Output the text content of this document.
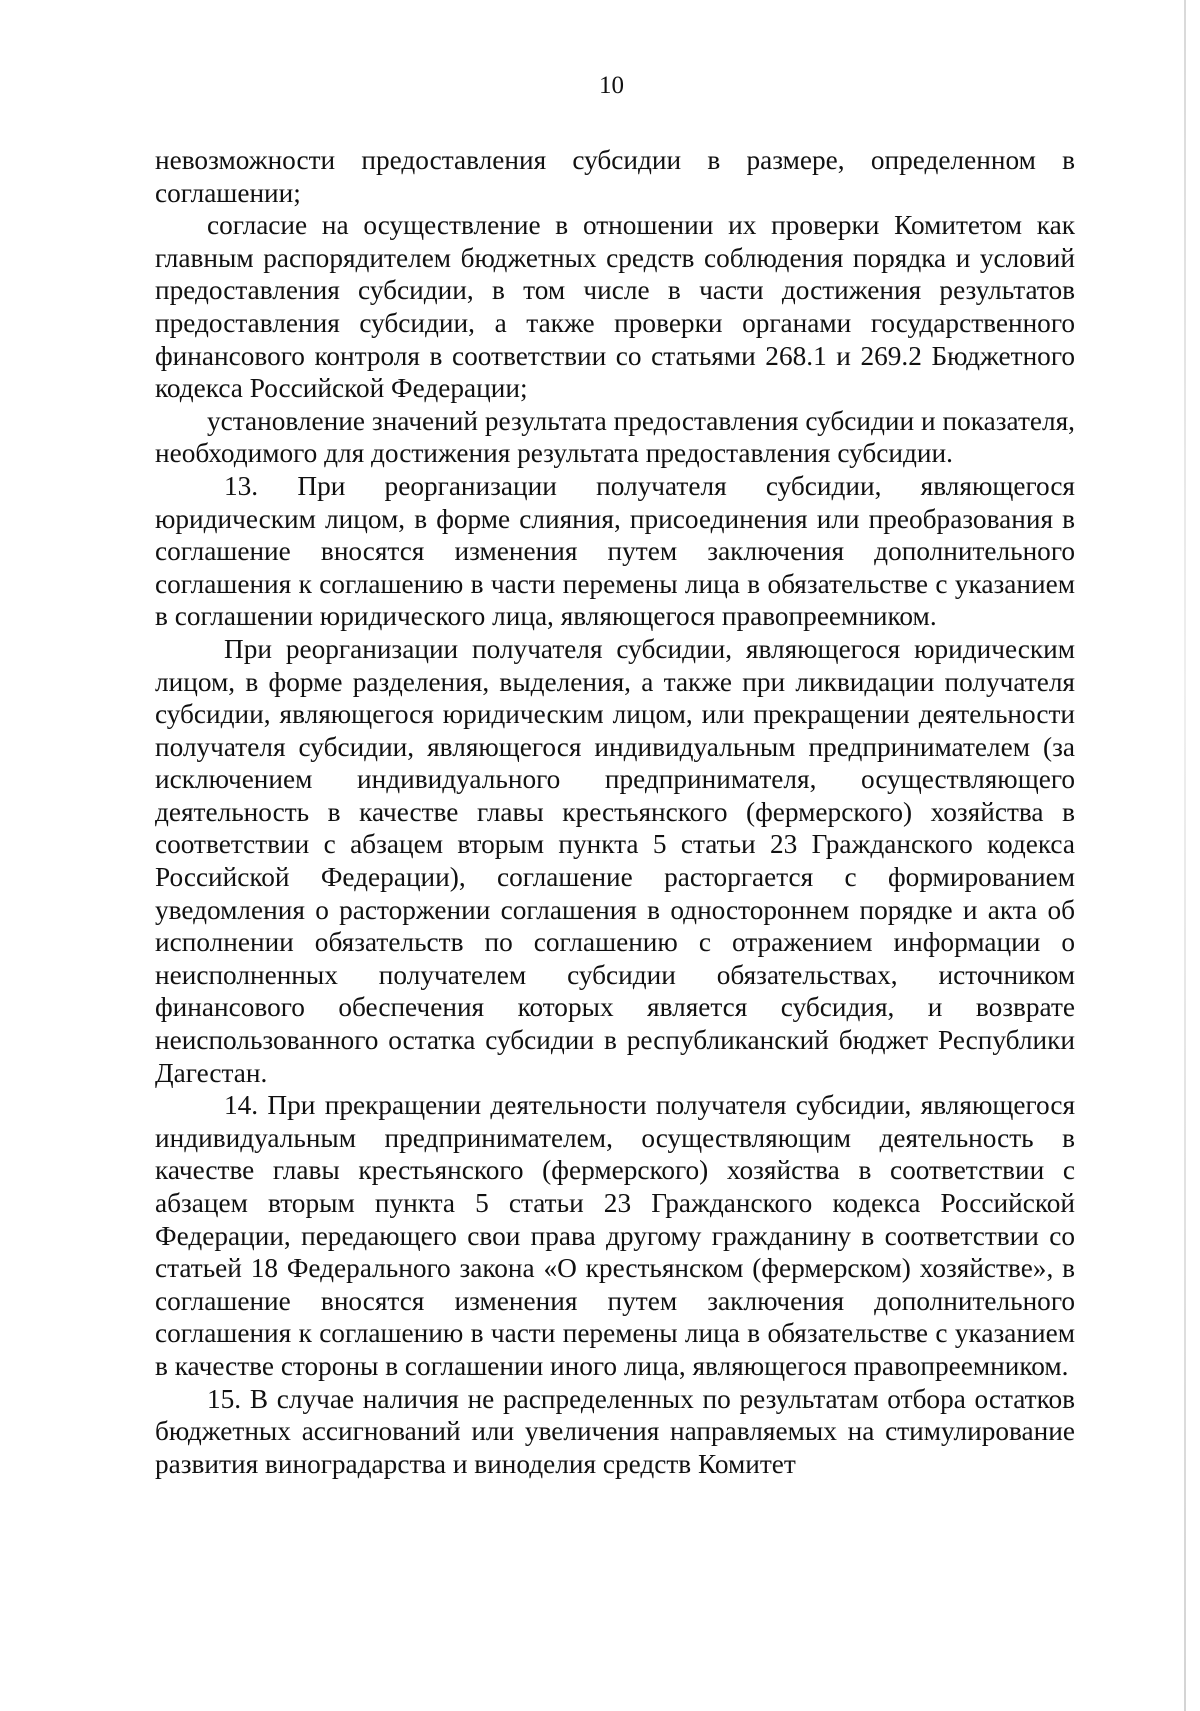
10

невозможности предоставления субсидии в размере, определенном в соглашении;

согласие на осуществление в отношении их проверки Комитетом как главным распорядителем бюджетных средств соблюдения порядка и условий предоставления субсидии, в том числе в части достижения результатов предоставления субсидии, а также проверки органами государственного финансового контроля в соответствии со статьями 268.1 и 269.2 Бюджетного кодекса Российской Федерации;

установление значений результата предоставления субсидии и показателя, необходимого для достижения результата предоставления субсидии.

13. При реорганизации получателя субсидии, являющегося юридическим лицом, в форме слияния, присоединения или преобразования в соглашение вносятся изменения путем заключения дополнительного соглашения к соглашению в части перемены лица в обязательстве с указанием в соглашении юридического лица, являющегося правопреемником.

При реорганизации получателя субсидии, являющегося юридическим лицом, в форме разделения, выделения, а также при ликвидации получателя субсидии, являющегося юридическим лицом, или прекращении деятельности получателя субсидии, являющегося индивидуальным предпринимателем (за исключением индивидуального предпринимателя, осуществляющего деятельность в качестве главы крестьянского (фермерского) хозяйства в соответствии с абзацем вторым пункта 5 статьи 23 Гражданского кодекса Российской Федерации), соглашение расторгается с формированием уведомления о расторжении соглашения в одностороннем порядке и акта об исполнении обязательств по соглашению с отражением информации о неисполненных получателем субсидии обязательствах, источником финансового обеспечения которых является субсидия, и возврате неиспользованного остатка субсидии в республиканский бюджет Республики Дагестан.

14. При прекращении деятельности получателя субсидии, являющегося индивидуальным предпринимателем, осуществляющим деятельность в качестве главы крестьянского (фермерского) хозяйства в соответствии с абзацем вторым пункта 5 статьи 23 Гражданского кодекса Российской Федерации, передающего свои права другому гражданину в соответствии со статьей 18 Федерального закона «О крестьянском (фермерском) хозяйстве», в соглашение вносятся изменения путем заключения дополнительного соглашения к соглашению в части перемены лица в обязательстве с указанием в качестве стороны в соглашении иного лица, являющегося правопреемником.

15. В случае наличия не распределенных по результатам отбора остатков бюджетных ассигнований или увеличения направляемых на стимулирование развития виноградарства и виноделия средств Комитет
